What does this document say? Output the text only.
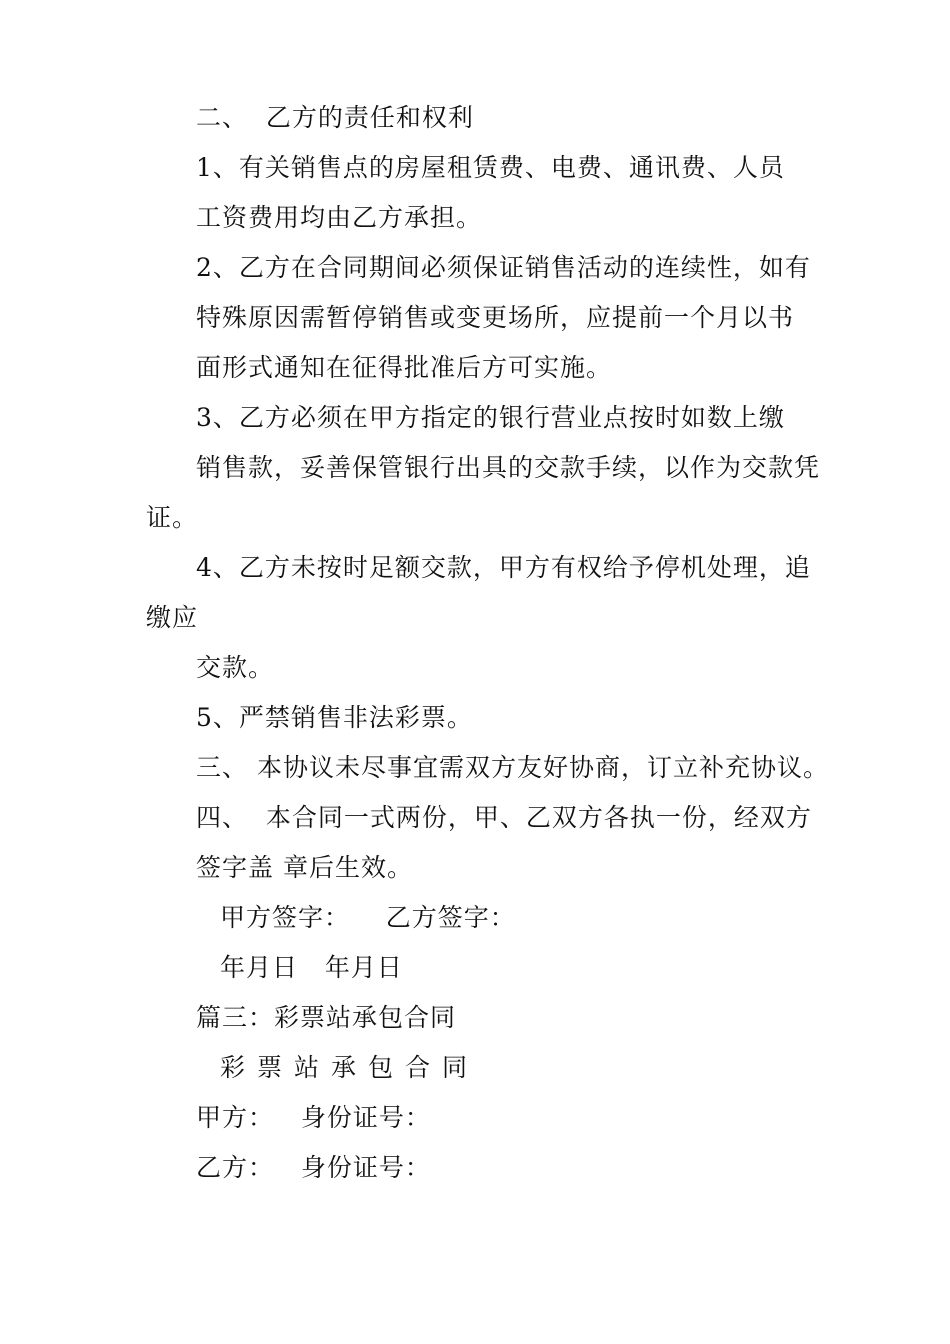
二、  乙方的责任和权利
1、有关销售点的房屋租赁费、电费、通讯费、人员
工资费用均由乙方承担。
2、乙方在合同期间必须保证销售活动的连续性，如有
特殊原因需暂停销售或变更场所，应提前一个月以书
面形式通知在征得批准后方可实施。
3、乙方必须在甲方指定的银行营业点按时如数上缴
销售款，妥善保管银行出具的交款手续，以作为交款凭
证。
4、乙方未按时足额交款，甲方有权给予停机处理，追
缴应
交款。
5、严禁销售非法彩票。
三、 本协议未尽事宜需双方友好协商，订立补充协议。
四、  本合同一式两份，甲、乙双方各执一份，经双方
签字盖 章后生效。
甲方签字：    乙方签字：
年月日   年月日
篇三：彩票站承包合同
彩票站承包合同
甲方：   身份证号：
乙方：   身份证号：
